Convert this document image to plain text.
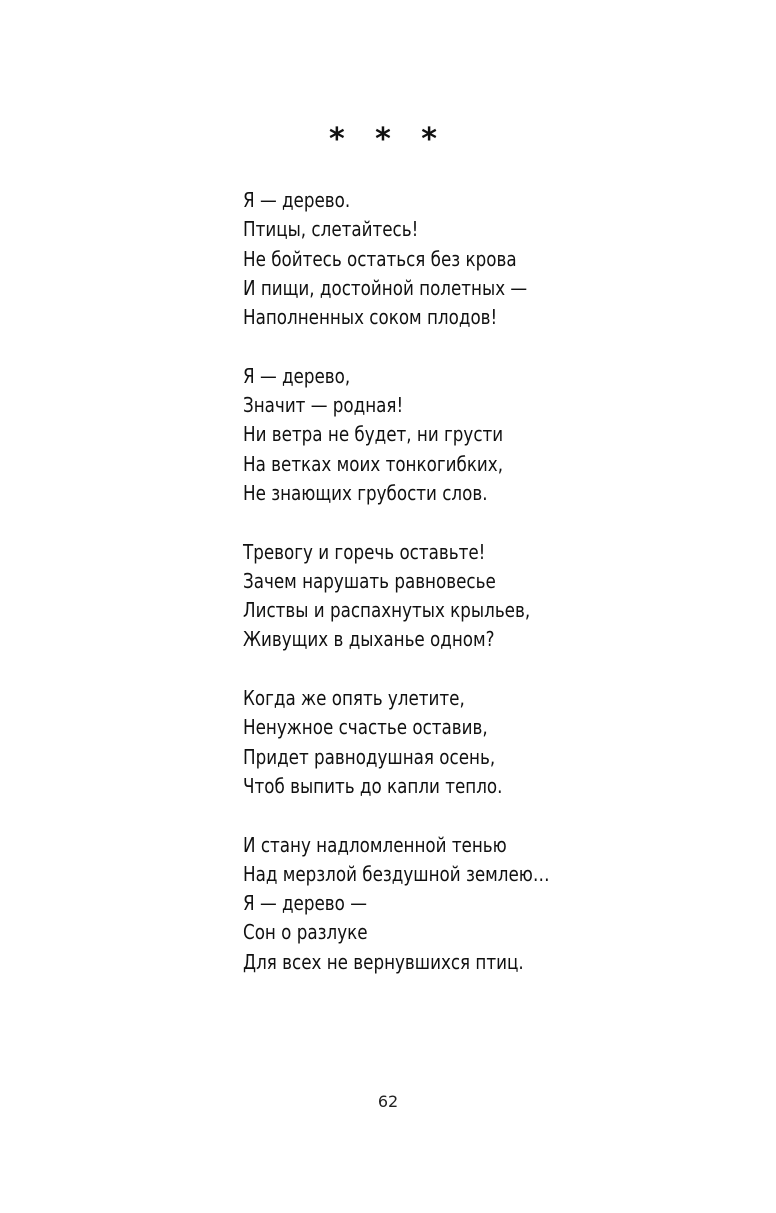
* * *
Я — дерево.
Птицы, слетайтесь!
Не бойтесь остаться без крова
И пищи, достойной полетных —
Наполненных соком плодов!
Я — дерево,
Значит — родная!
Ни ветра не будет, ни грусти
На ветках моих тонкогибких,
Не знающих грубости слов.
Тревогу и горечь оставьте!
Зачем нарушать равновесье
Листвы и распахнутых крыльев,
Живущих в дыханье одном?
Когда же опять улетите,
Ненужное счастье оставив,
Придет равнодушная осень,
Чтоб выпить до капли тепло.
И стану надломленной тенью
Над мерзлой бездушной землею…
Я — дерево —
Сон о разлуке
Для всех не вернувшихся птиц.
62
